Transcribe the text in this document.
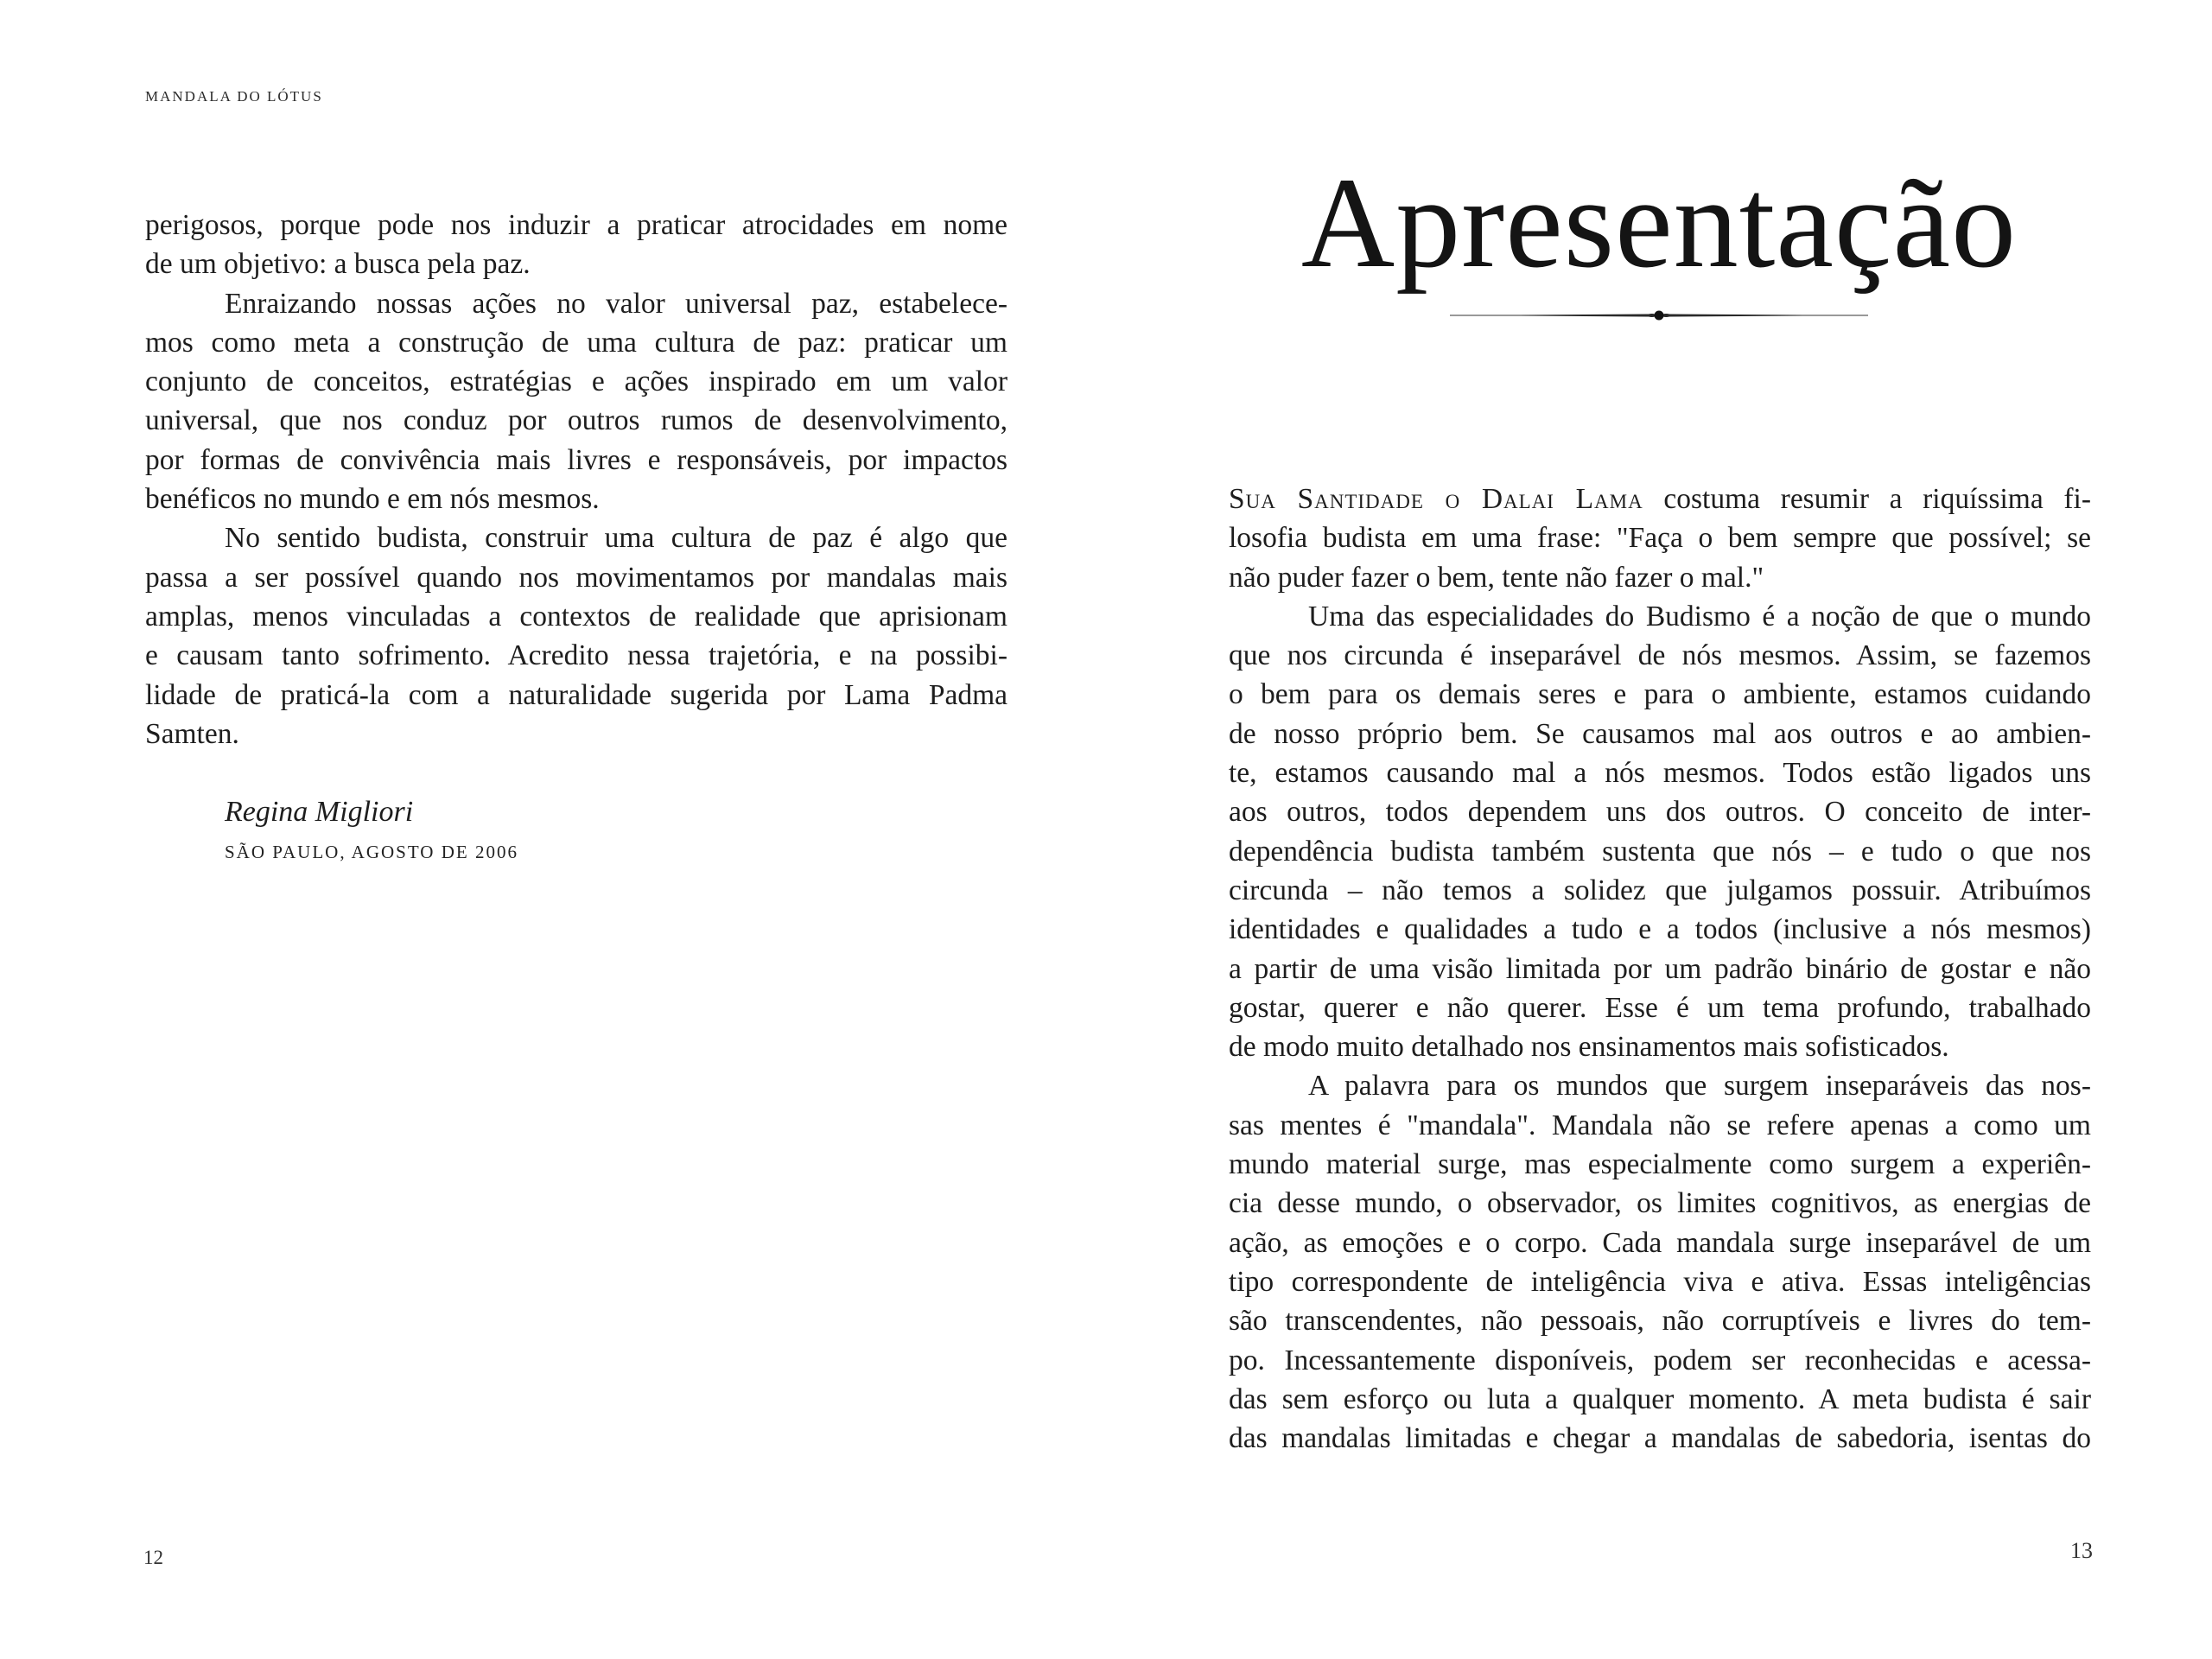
MANDALA DO LÓTUS
perigosos, porque pode nos induzir a praticar atrocidades em nome
de um objetivo: a busca pela paz.
Enraizando nossas ações no valor universal paz, estabelece-
mos como meta a construção de uma cultura de paz: praticar um
conjunto de conceitos, estratégias e ações inspirado em um valor
universal, que nos conduz por outros rumos de desenvolvimento,
por formas de convivência mais livres e responsáveis, por impactos
benéficos no mundo e em nós mesmos.
No sentido budista, construir uma cultura de paz é algo que
passa a ser possível quando nos movimentamos por mandalas mais
amplas, menos vinculadas a contextos de realidade que aprisionam
e causam tanto sofrimento. Acredito nessa trajetória, e na possibi-
lidade de praticá-la com a naturalidade sugerida por Lama Padma
Samten.
Regina Migliori
SÃO PAULO, AGOSTO DE 2006
12
Apresentação
Sua Santidade o Dalai Lama costuma resumir a riquíssima fi-
losofia budista em uma frase: "Faça o bem sempre que possível; se
não puder fazer o bem, tente não fazer o mal."
Uma das especialidades do Budismo é a noção de que o mundo
que nos circunda é inseparável de nós mesmos. Assim, se fazemos
o bem para os demais seres e para o ambiente, estamos cuidando
de nosso próprio bem. Se causamos mal aos outros e ao ambien-
te, estamos causando mal a nós mesmos. Todos estão ligados uns
aos outros, todos dependem uns dos outros. O conceito de inter-
dependência budista também sustenta que nós – e tudo o que nos
circunda – não temos a solidez que julgamos possuir. Atribuímos
identidades e qualidades a tudo e a todos (inclusive a nós mesmos)
a partir de uma visão limitada por um padrão binário de gostar e não
gostar, querer e não querer. Esse é um tema profundo, trabalhado
de modo muito detalhado nos ensinamentos mais sofisticados.
A palavra para os mundos que surgem inseparáveis das nos-
sas mentes é "mandala". Mandala não se refere apenas a como um
mundo material surge, mas especialmente como surgem a experiên-
cia desse mundo, o observador, os limites cognitivos, as energias de
ação, as emoções e o corpo. Cada mandala surge inseparável de um
tipo correspondente de inteligência viva e ativa. Essas inteligências
são transcendentes, não pessoais, não corruptíveis e livres do tem-
po. Incessantemente disponíveis, podem ser reconhecidas e acessa-
das sem esforço ou luta a qualquer momento. A meta budista é sair
das mandalas limitadas e chegar a mandalas de sabedoria, isentas do
13
